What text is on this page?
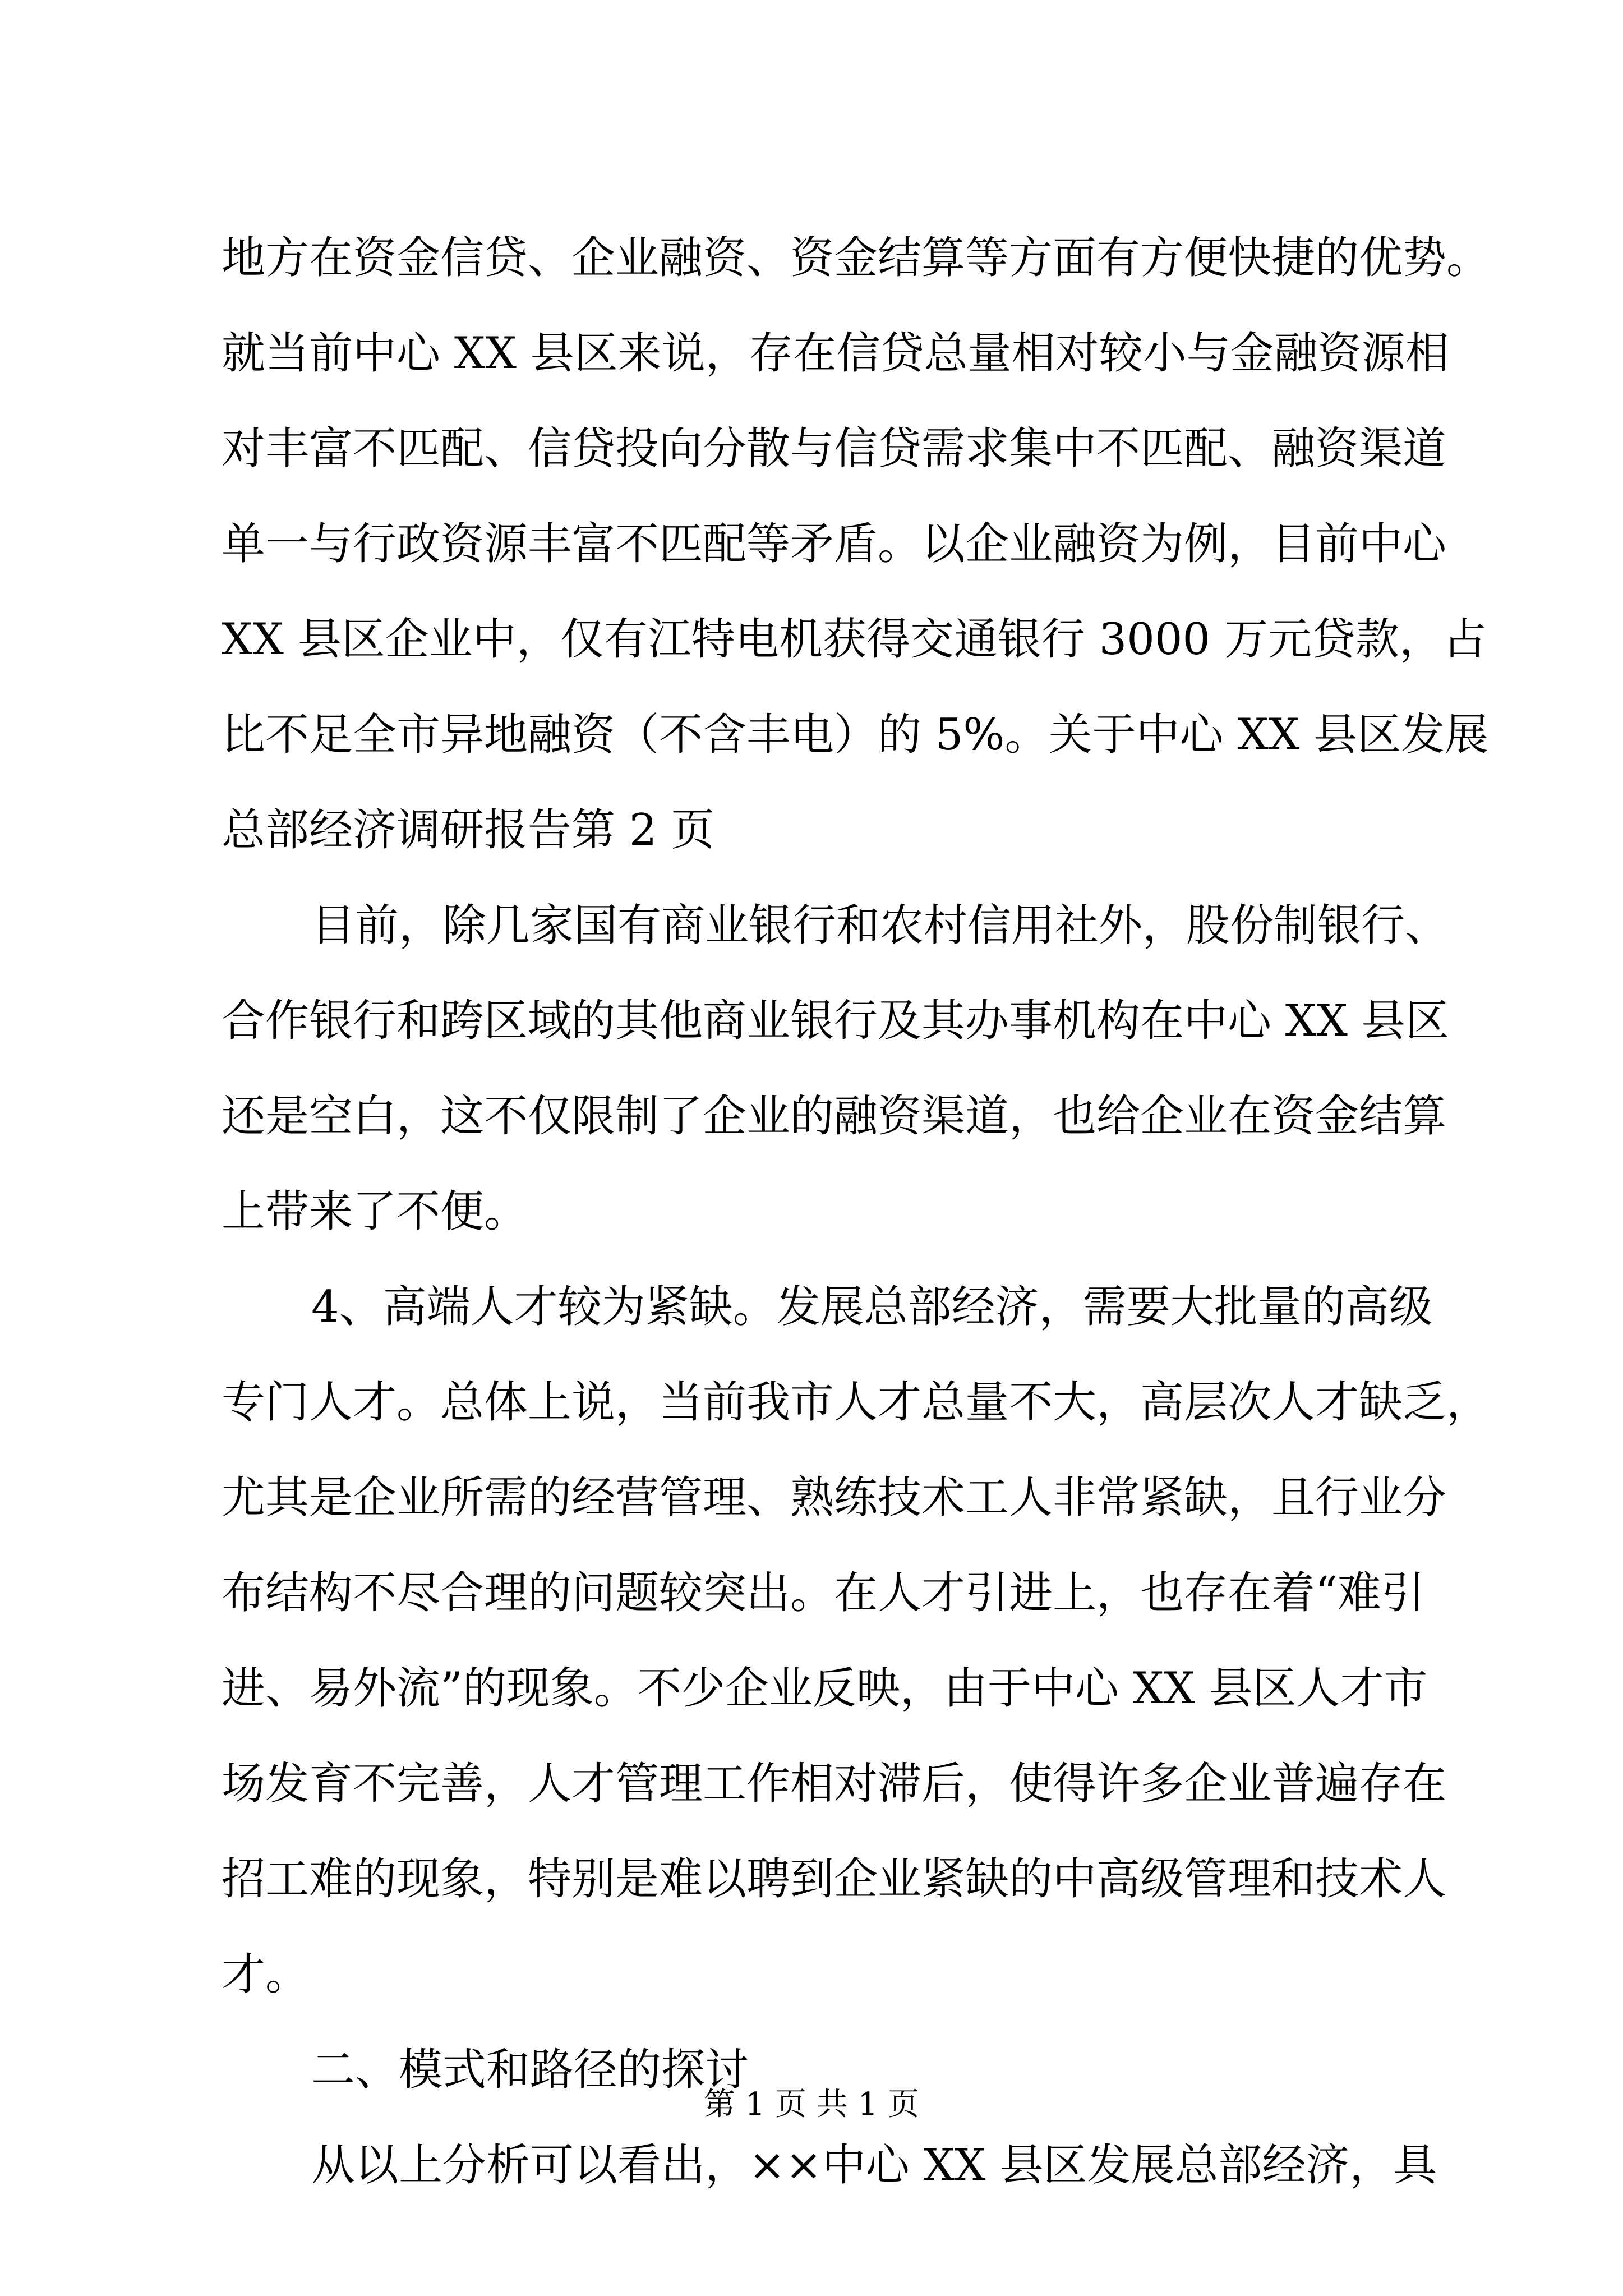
地方在资金信贷、企业融资、资金结算等方面有方便快捷的优势。
就当前中心 XX 县区来说，存在信贷总量相对较小与金融资源相
对丰富不匹配、信贷投向分散与信贷需求集中不匹配、融资渠道
单一与行政资源丰富不匹配等矛盾。以企业融资为例，目前中心
XX 县区企业中，仅有江特电机获得交通银行 3000 万元贷款，占
比不足全市异地融资（不含丰电）的 5%。关于中心 XX 县区发展
总部经济调研报告第 2 页
目前，除几家国有商业银行和农村信用社外，股份制银行、
合作银行和跨区域的其他商业银行及其办事机构在中心 XX 县区
还是空白，这不仅限制了企业的融资渠道，也给企业在资金结算
上带来了不便。
4、高端人才较为紧缺。发展总部经济，需要大批量的高级
专门人才。总体上说，当前我市人才总量不大，高层次人才缺乏，
尤其是企业所需的经营管理、熟练技术工人非常紧缺，且行业分
布结构不尽合理的问题较突出。在人才引进上，也存在着“难引
进、易外流”的现象。不少企业反映，由于中心 XX 县区人才市
场发育不完善，人才管理工作相对滞后，使得许多企业普遍存在
招工难的现象，特别是难以聘到企业紧缺的中高级管理和技术人
才。
二、模式和路径的探讨
从以上分析可以看出，××中心 XX 县区发展总部经济，具
第 1 页 共 1 页
